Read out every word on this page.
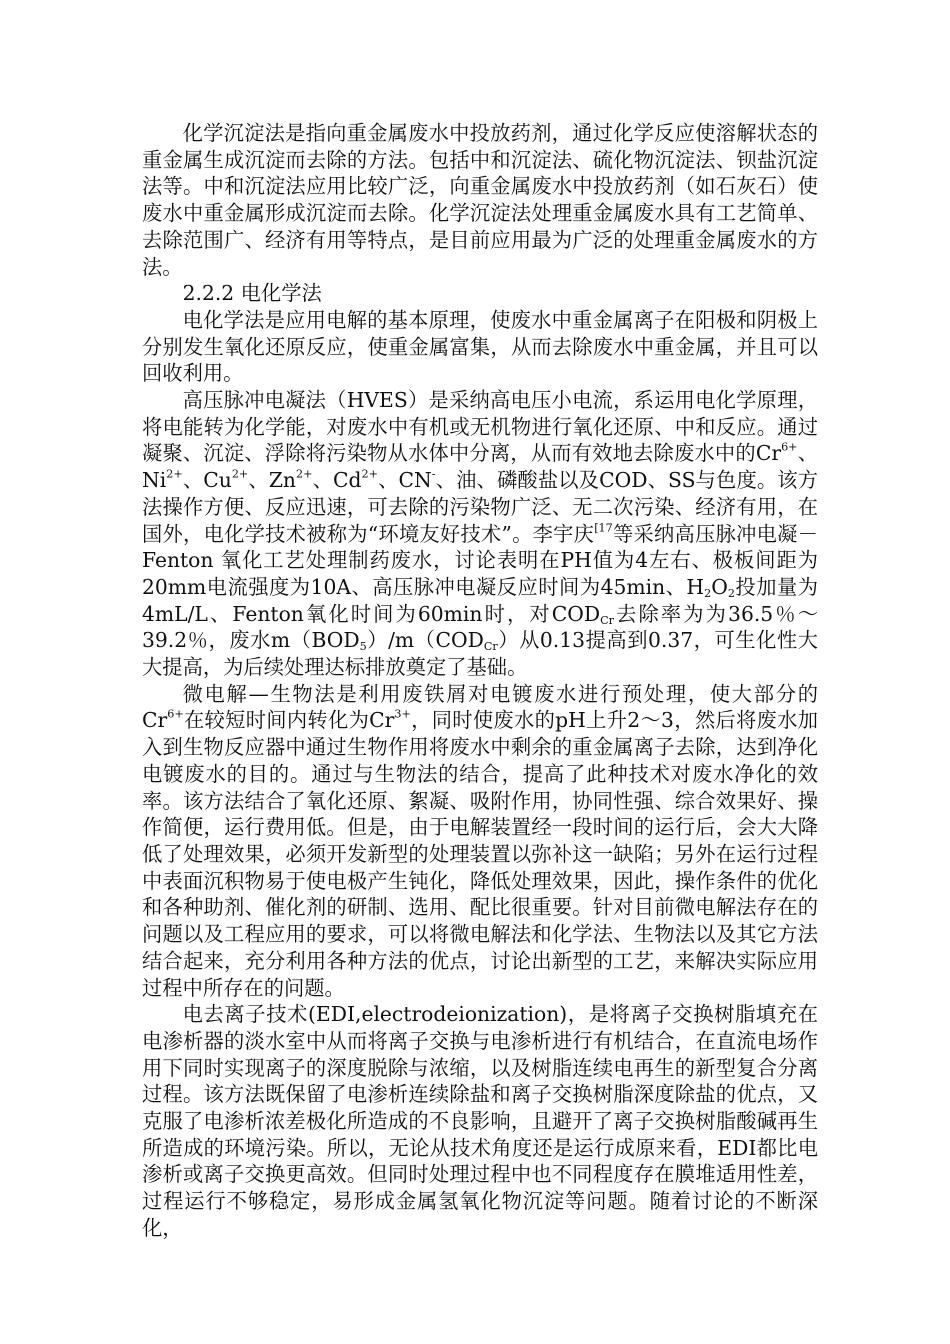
化学沉淀法是指向重金属废水中投放药剂，通过化学反应使溶解状态的重金属生成沉淀而去除的方法。包括中和沉淀法、硫化物沉淀法、钡盐沉淀法等。中和沉淀法应用比较广泛，向重金属废水中投放药剂（如石灰石）使废水中重金属形成沉淀而去除。化学沉淀法处理重金属废水具有工艺简单、去除范围广、经济有用等特点，是目前应用最为广泛的处理重金属废水的方法。

2.2.2 电化学法

电化学法是应用电解的基本原理，使废水中重金属离子在阳极和阴极上分别发生氧化还原反应，使重金属富集，从而去除废水中重金属，并且可以回收利用。

高压脉冲电凝法（HVES）是采纳高电压小电流，系运用电化学原理，将电能转为化学能，对废水中有机或无机物进行氧化还原、中和反应。通过凝聚、沉淀、浮除将污染物从水体中分离，从而有效地去除废水中的$Cr^{6+}$、$Ni^{2+}$、$Cu^{2+}$、$Zn^{2+}$、$Cd^{2+}$、CN-、油、磷酸盐以及COD、SS与色度。该方法操作方便、反应迅速，可去除的污染物广泛、无二次污染、经济有用，在国外，电化学技术被称为“环境友好技术”。李宇庆$^{[17}$等采纳高压脉冲电凝－Fenton 氧化工艺处理制药废水，讨论表明在PH值为4左右、极板间距为20mm电流强度为10A、高压脉冲电凝反应时间为45min、$H_2O_2$投加量为4mL/L、Fenton氧化时间为60min时，对$COD_{Cr}$去除率为为36.5％～39.2％，废水$m(BOD_5)/m(COD_{Cr})$从0.13提高到0.37，可生化性大大提高，为后续处理达标排放奠定了基础。

微电解—生物法是利用废铁屑对电镀废水进行预处理，使大部分的$Cr^{6+}$在较短时间内转化为$Cr^{3+}$，同时使废水的pH上升2～3，然后将废水加入到生物反应器中通过生物作用将废水中剩余的重金属离子去除，达到净化电镀废水的目的。通过与生物法的结合，提高了此种技术对废水净化的效率。该方法结合了氧化还原、絮凝、吸附作用，协同性强、综合效果好、操作简便，运行费用低。但是，由于电解装置经一段时间的运行后，会大大降低了处理效果，必须开发新型的处理装置以弥补这一缺陷；另外在运行过程中表面沉积物易于使电极产生钝化，降低处理效果，因此，操作条件的优化和各种助剂、催化剂的研制、选用、配比很重要。针对目前微电解法存在的问题以及工程应用的要求，可以将微电解法和化学法、生物法以及其它方法结合起来，充分利用各种方法的优点，讨论出新型的工艺，来解决实际应用过程中所存在的问题。

电去离子技术(EDI,electrodeionization)，是将离子交换树脂填充在电渗析器的淡水室中从而将离子交换与电渗析进行有机结合，在直流电场作用下同时实现离子的深度脱除与浓缩，以及树脂连续电再生的新型复合分离过程。该方法既保留了电渗析连续除盐和离子交换树脂深度除盐的优点，又克服了电渗析浓差极化所造成的不良影响，且避开了离子交换树脂酸碱再生所造成的环境污染。所以，无论从技术角度还是运行成原来看，EDI都比电渗析或离子交换更高效。但同时处理过程中也不同程度存在膜堆适用性差，过程运行不够稳定，易形成金属氢氧化物沉淀等问题。随着讨论的不断深化，
